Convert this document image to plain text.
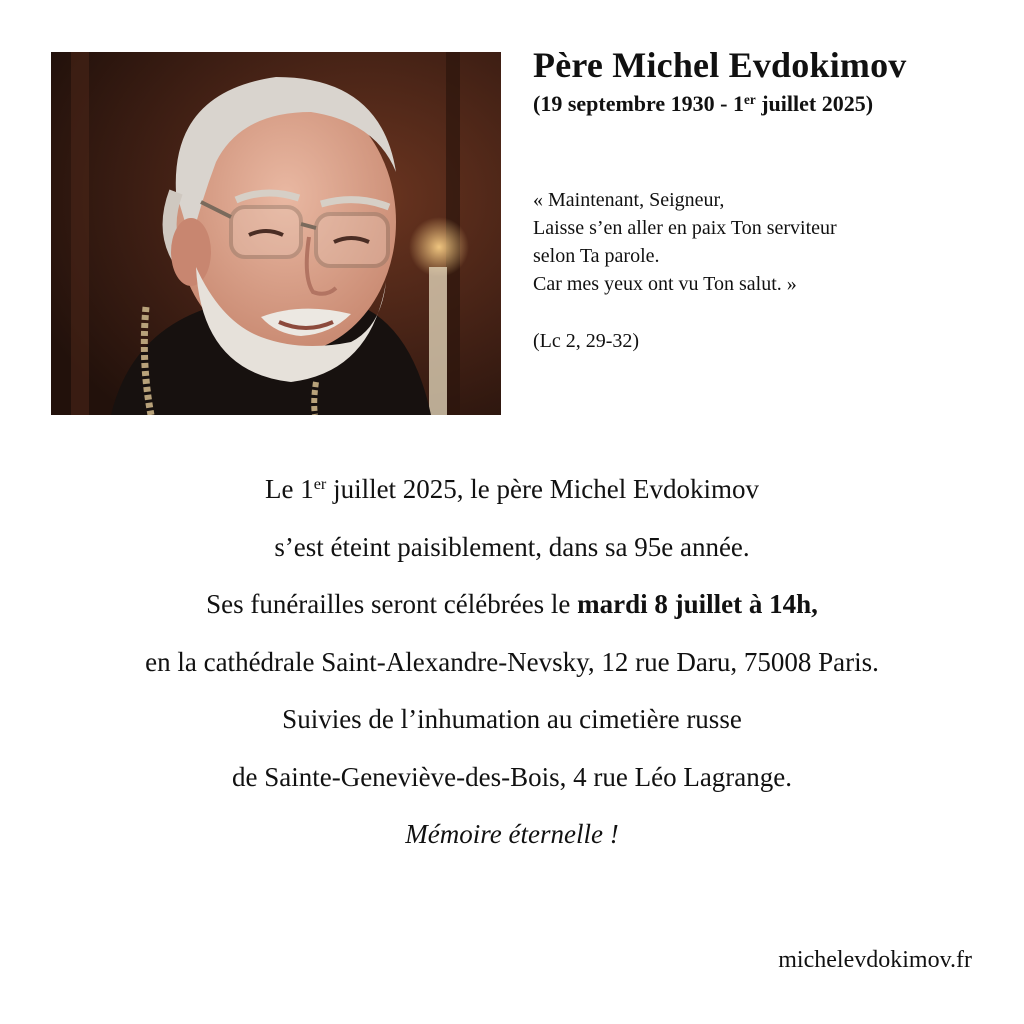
Père Michel Evdokimov
(19 septembre 1930 - 1er juillet 2025)
« Maintenant, Seigneur,
Laisse s’en aller en paix Ton serviteur
selon Ta parole.
Car mes yeux ont vu Ton salut. »
(Lc 2, 29-32)
Le 1er juillet 2025, le père Michel Evdokimov
s’est éteint paisiblement, dans sa 95e année.
Ses funérailles seront célébrées le mardi 8 juillet à 14h,
en la cathédrale Saint-Alexandre-Nevsky, 12 rue Daru, 75008 Paris.
Suivies de l’inhumation au cimetière russe
de Sainte-Geneviève-des-Bois, 4 rue Léo Lagrange.
Mémoire éternelle !
michelevdokimov.fr
